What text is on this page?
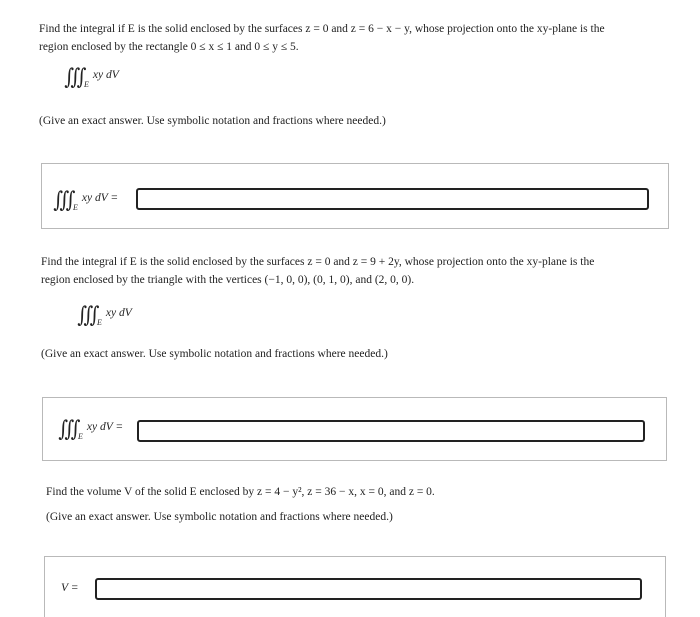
Find the integral if E is the solid enclosed by the surfaces z = 0 and z = 6 − x − y, whose projection onto the xy-plane is the
region enclosed by the rectangle 0 ≤ x ≤ 1 and 0 ≤ y ≤ 5.
∭ E
xy dV
(Give an exact answer. Use symbolic notation and fractions where needed.)
∭ E
xy dV =
Find the integral if E is the solid enclosed by the surfaces z = 0 and z = 9 + 2y, whose projection onto the xy-plane is the
region enclosed by the triangle with the vertices (−1, 0, 0), (0, 1, 0), and (2, 0, 0).
∭ E
xy dV
(Give an exact answer. Use symbolic notation and fractions where needed.)
∭ E
xy dV =
Find the volume V of the solid E enclosed by z = 4 − y², z = 36 − x, x = 0, and z = 0.
(Give an exact answer. Use symbolic notation and fractions where needed.)
V =
